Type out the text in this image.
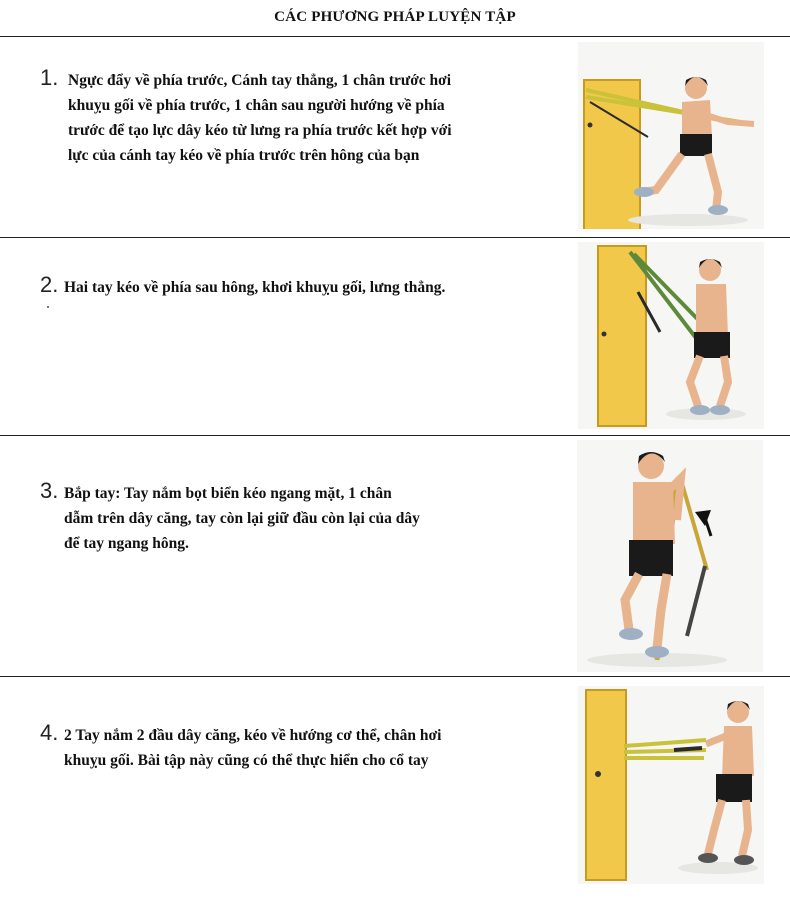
CÁC PHƯƠNG PHÁP LUYỆN TẬP
1. Ngực đẩy về phía trước, Cánh tay thẳng, 1 chân trước hơi
khuỵu gối về phía trước, 1 chân sau người hướng về phía
trước để tạo lực dây kéo từ lưng ra phía trước kết hợp với
lực của cánh tay kéo về phía trước trên hông của bạn
2. Hai tay kéo về phía sau hông, khơi khuỵu gối, lưng thẳng.
3. Bắp tay: Tay nắm bọt biển kéo ngang mặt, 1 chân
dẫm trên dây căng, tay còn lại giữ đầu còn lại của dây
để tay ngang hông.
4. 2 Tay nắm 2 đầu dây căng, kéo về hướng cơ thể, chân hơi
khuỵu gối. Bài tập này cũng có thể thực hiển cho cổ tay
